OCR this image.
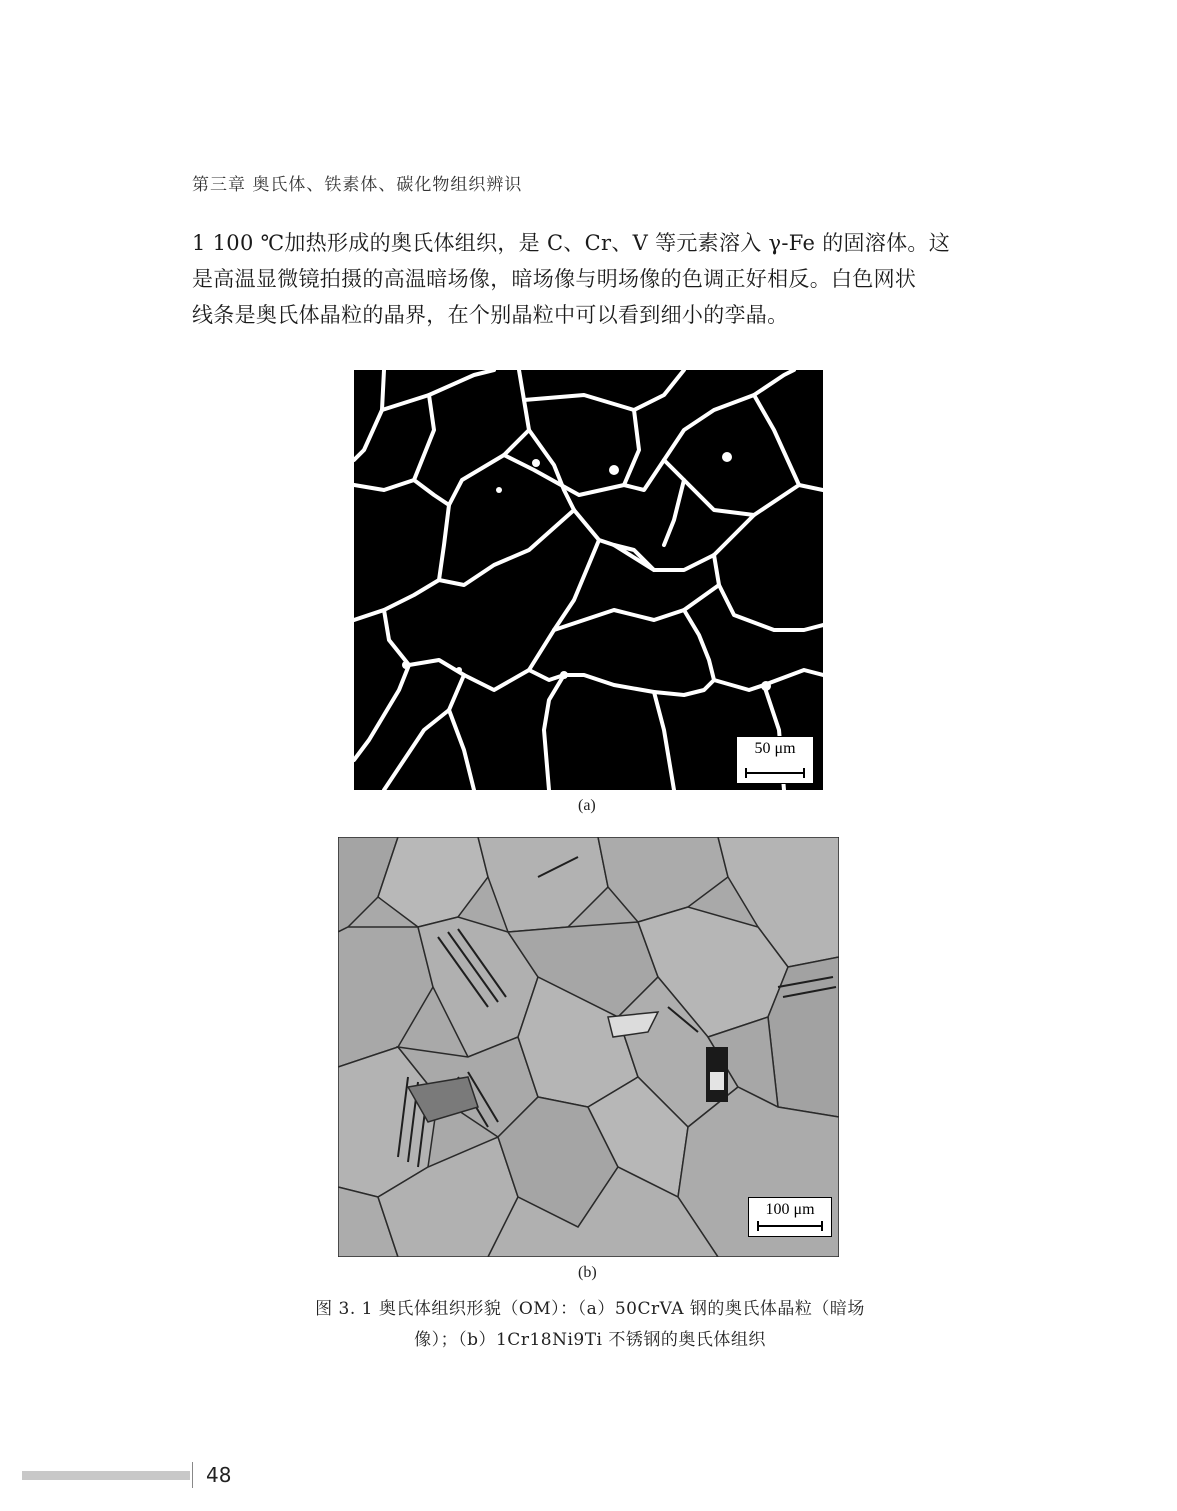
第三章 奥氏体、铁素体、碳化物组织辨识

1 100 ℃加热形成的奥氏体组织，是 C、Cr、V 等元素溶入 γ-Fe 的固溶体。这

是高温显微镜拍摄的高温暗场像，暗场像与明场像的色调正好相反。白色网状

线条是奥氏体晶粒的晶界，在个别晶粒中可以看到细小的孪晶。

50 μm
(a)
100 μm
(b)
图 3. 1 奥氏体组织形貌（OM）：（a）50CrVA 钢的奥氏体晶粒（暗场
像）；（b）1Cr18Ni9Ti 不锈钢的奥氏体组织
48
